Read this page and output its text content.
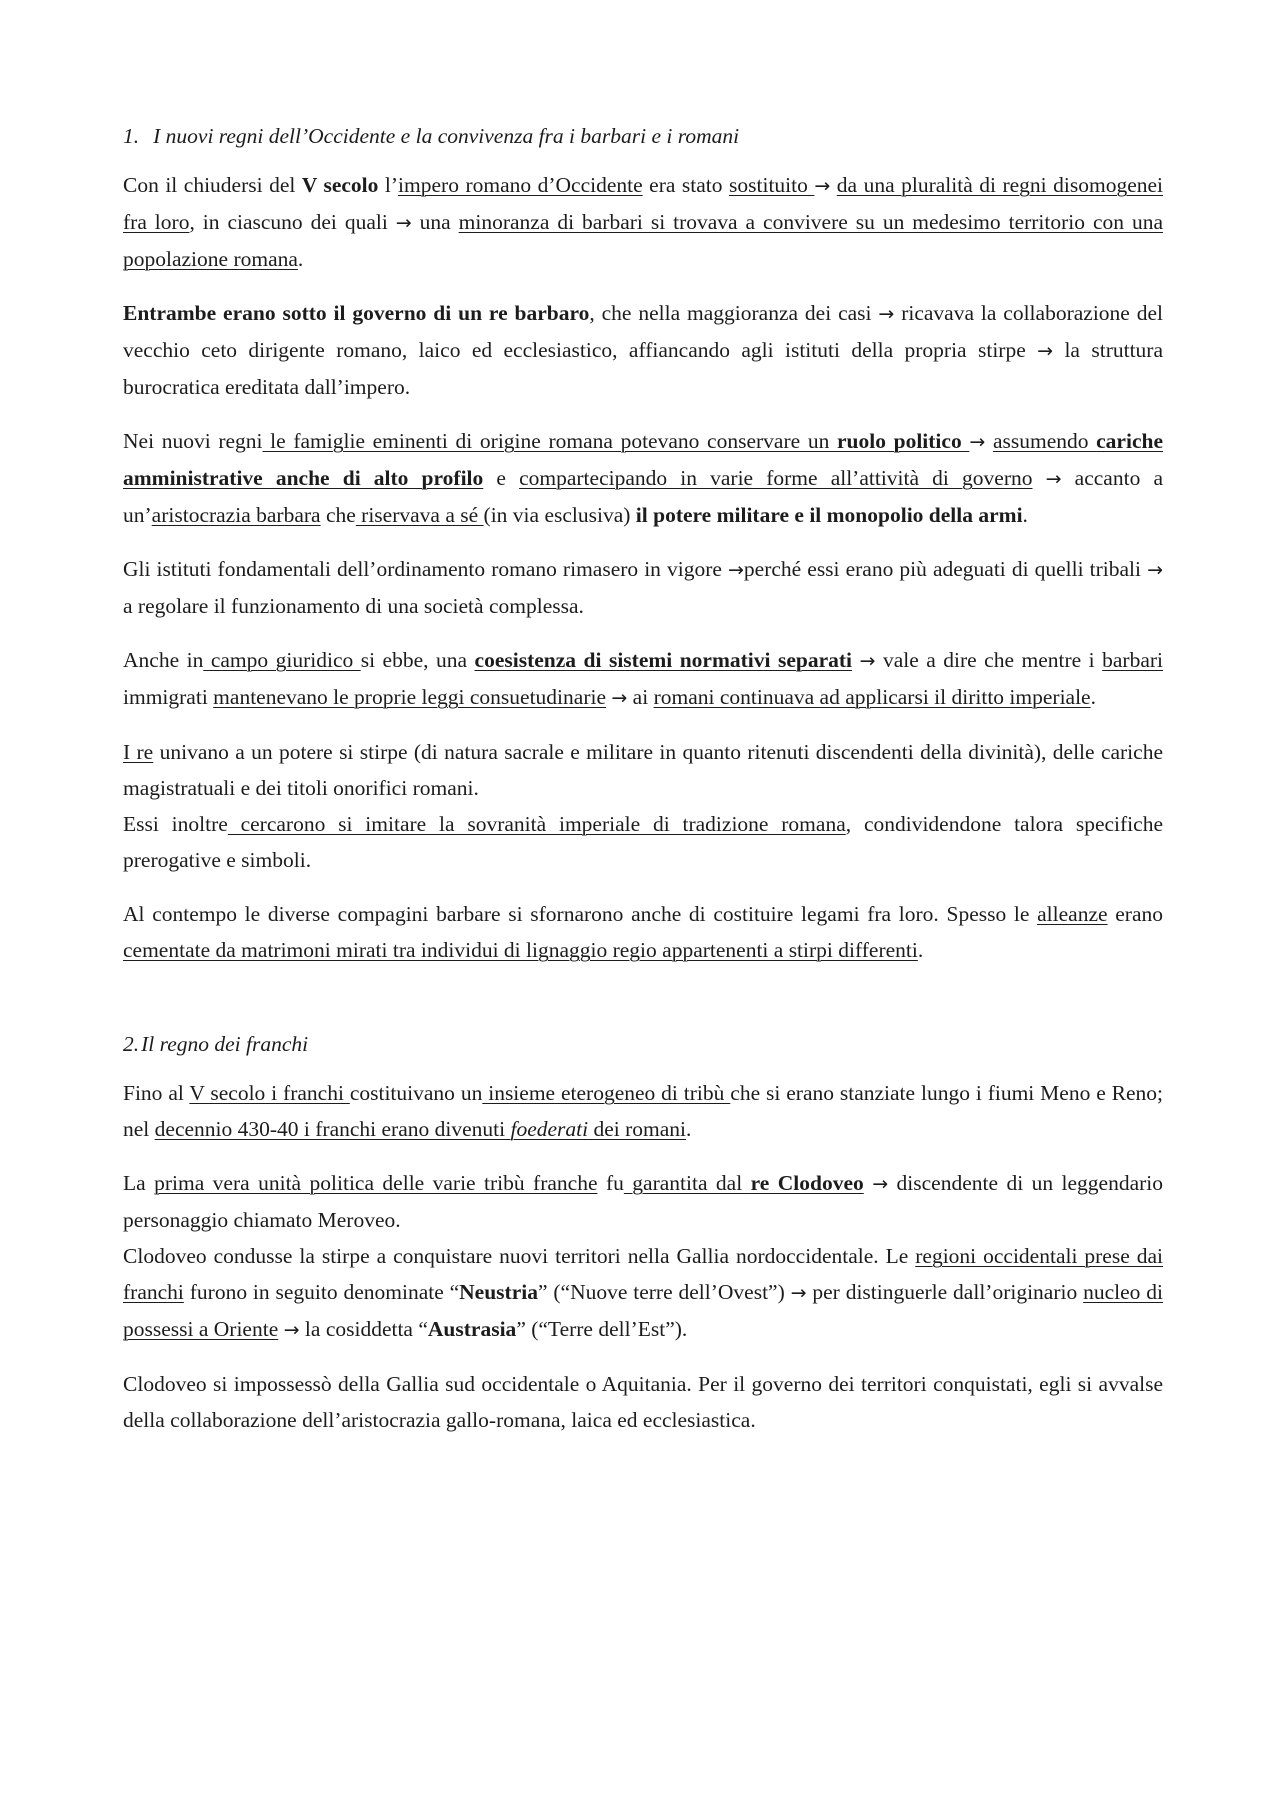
1. I nuovi regni dell’Occidente e la convivenza fra i barbari e i romani

Con il chiudersi del V secolo l’impero romano d’Occidente era stato sostituito → da una pluralità di regni disomogenei fra loro, in ciascuno dei quali → una minoranza di barbari si trovava a convivere su un medesimo territorio con una popolazione romana.

Entrambe erano sotto il governo di un re barbaro, che nella maggioranza dei casi → ricavava la collaborazione del vecchio ceto dirigente romano, laico ed ecclesiastico, affiancando agli istituti della propria stirpe → la struttura burocratica ereditata dall’impero.

Nei nuovi regni le famiglie eminenti di origine romana potevano conservare un ruolo politico → assumendo cariche amministrative anche di alto profilo e compartecipando in varie forme all’attività di governo → accanto a un’aristocrazia barbara che riservava a sé (in via esclusiva) il potere militare e il monopolio della armi.

Gli istituti fondamentali dell’ordinamento romano rimasero in vigore →perché essi erano più adeguati di quelli tribali → a regolare il funzionamento di una società complessa.

Anche in campo giuridico si ebbe, una coesistenza di sistemi normativi separati → vale a dire che mentre i barbari immigrati mantenevano le proprie leggi consuetudinarie → ai romani continuava ad applicarsi il diritto imperiale.

I re univano a un potere si stirpe (di natura sacrale e militare in quanto ritenuti discendenti della divinità), delle cariche magistratuali e dei titoli onorifici romani.

Essi inoltre cercarono si imitare la sovranità imperiale di tradizione romana, condividendone talora specifiche prerogative e simboli.

Al contempo le diverse compagini barbare si sfornarono anche di costituire legami fra loro. Spesso le alleanze erano cementate da matrimoni mirati tra individui di lignaggio regio appartenenti a stirpi differenti.

2.Il regno dei franchi

Fino al V secolo i franchi costituivano un insieme eterogeneo di tribù che si erano stanziate lungo i fiumi Meno e Reno; nel decennio 430-40 i franchi erano divenuti foederati dei romani.

La prima vera unità politica delle varie tribù franche fu garantita dal re Clodoveo → discendente di un leggendario personaggio chiamato Meroveo.

Clodoveo condusse la stirpe a conquistare nuovi territori nella Gallia nordoccidentale. Le regioni occidentali prese dai franchi furono in seguito denominate “Neustria” (“Nuove terre dell’Ovest”) → per distinguerle dall’originario nucleo di possessi a Oriente → la cosiddetta “Austrasia” (“Terre dell’Est”).

Clodoveo si impossessò della Gallia sud occidentale o Aquitania. Per il governo dei territori conquistati, egli si avvalse della collaborazione dell’aristocrazia gallo-romana, laica ed ecclesiastica.
